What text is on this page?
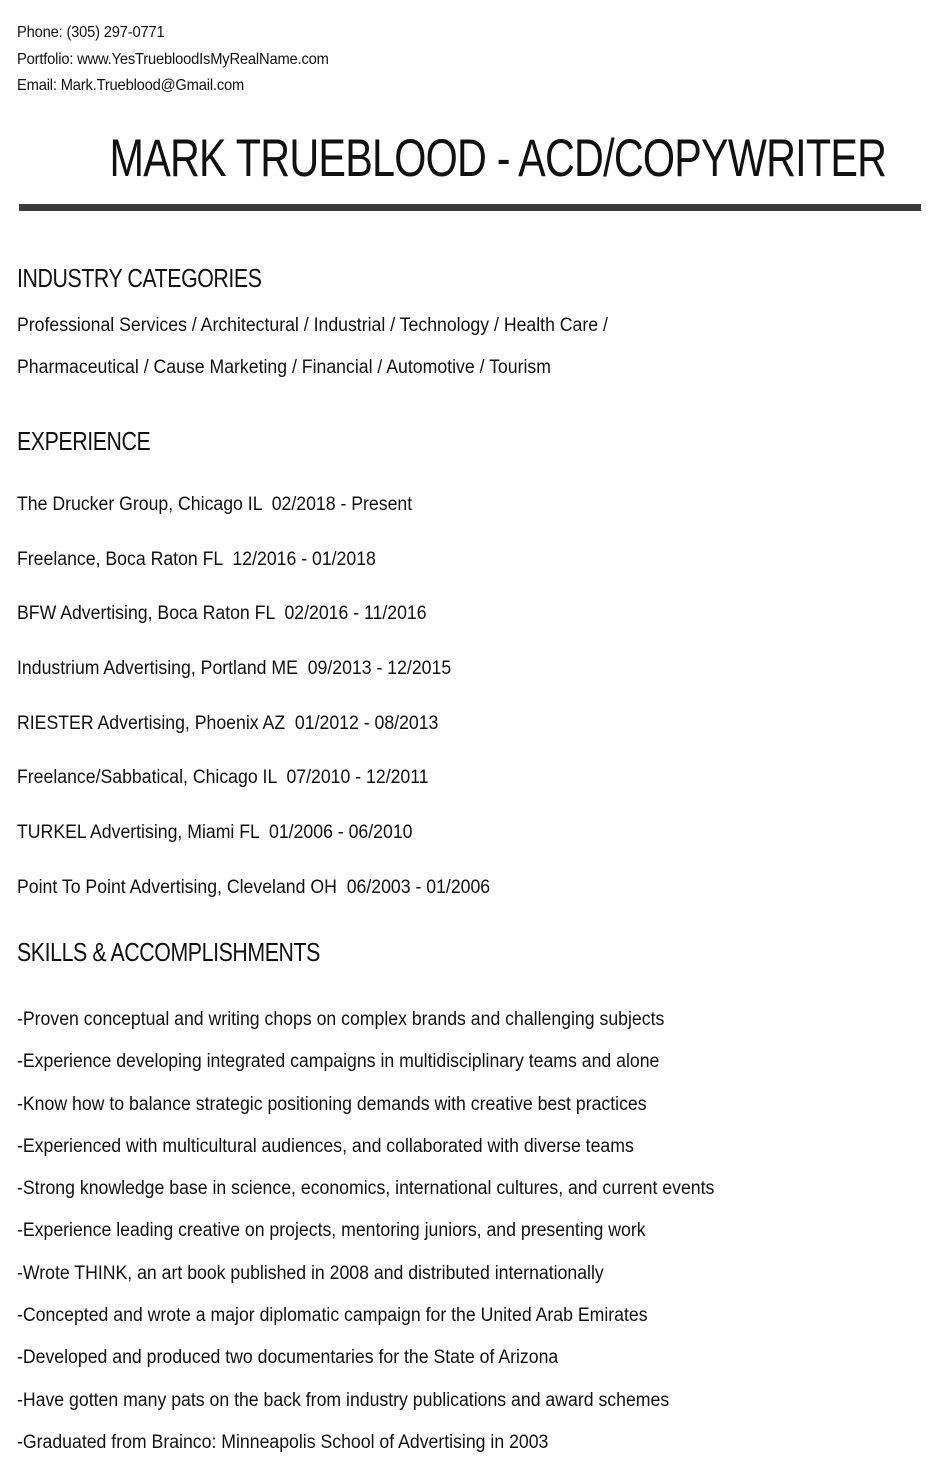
Phone: (305) 297-0771
Portfolio: www.YesTruebloodIsMyRealName.com
Email: Mark.Trueblood@Gmail.com
MARK TRUEBLOOD - ACD/COPYWRITER
INDUSTRY CATEGORIES
Professional Services / Architectural / Industrial / Technology / Health Care /
Pharmaceutical / Cause Marketing / Financial / Automotive / Tourism
EXPERIENCE
The Drucker Group, Chicago IL  02/2018 - Present
Freelance, Boca Raton FL  12/2016 - 01/2018
BFW Advertising, Boca Raton FL  02/2016 - 11/2016
Industrium Advertising, Portland ME  09/2013 - 12/2015
RIESTER Advertising, Phoenix AZ  01/2012 - 08/2013
Freelance/Sabbatical, Chicago IL  07/2010 - 12/2011
TURKEL Advertising, Miami FL  01/2006 - 06/2010
Point To Point Advertising, Cleveland OH  06/2003 - 01/2006
SKILLS & ACCOMPLISHMENTS
-Proven conceptual and writing chops on complex brands and challenging subjects
-Experience developing integrated campaigns in multidisciplinary teams and alone
-Know how to balance strategic positioning demands with creative best practices
-Experienced with multicultural audiences, and collaborated with diverse teams
-Strong knowledge base in science, economics, international cultures, and current events
-Experience leading creative on projects, mentoring juniors, and presenting work
-Wrote THINK, an art book published in 2008 and distributed internationally
-Concepted and wrote a major diplomatic campaign for the United Arab Emirates
-Developed and produced two documentaries for the State of Arizona
-Have gotten many pats on the back from industry publications and award schemes
-Graduated from Brainco: Minneapolis School of Advertising in 2003
